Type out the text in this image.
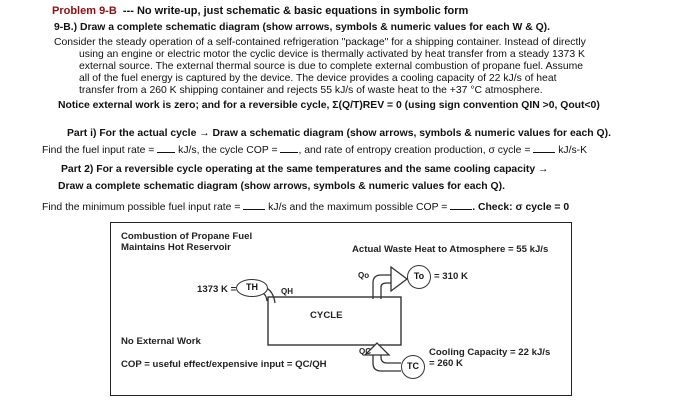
Problem 9-B --- No write-up, just schematic & basic equations in symbolic form
9-B.) Draw a complete schematic diagram (show arrows, symbols & numeric values for each W & Q).
Consider the steady operation of a self-contained refrigeration "package" for a shipping container. Instead of directly
using an engine or electric motor the cyclic device is thermally activated by heat transfer from a steady 1373 K
external source. The external thermal source is due to complete external combustion of propane fuel. Assume
all of the fuel energy is captured by the device. The device provides a cooling capacity of 22 kJ/s of heat
transfer from a 260 K shipping container and rejects 55 kJ/s of waste heat to the +37 °C atmosphere.
Notice external work is zero; and for a reversible cycle, Σ(Q/T)REV = 0 (using sign convention QIN >0, Qout<0)
Part i) For the actual cycle → Draw a schematic diagram (show arrows, symbols & numeric values for each Q).
Find the fuel input rate = kJ/s, the cycle COP = , and rate of entropy creation production, σ cycle =	kJ/s-K
Part 2) For a reversible cycle operating at the same temperatures and the same cooling capacity →
Draw a complete schematic diagram (show arrows, symbols & numeric values for each Q).
Find the minimum possible fuel input rate =	kJ/s and the maximum possible COP = . Check: σ cycle = 0
Combustion of Propane Fuel
Maintains Hot Reservoir	Actual Waste Heat to Atmosphere = 55 kJ/s
1373 K =	TH	QH
Qo	To	= 310 K
CYCLE
No External Work
QC
COP = useful effect/expensive input = QC/QH	TC
Cooling Capacity = 22 kJ/s
= 260 K
